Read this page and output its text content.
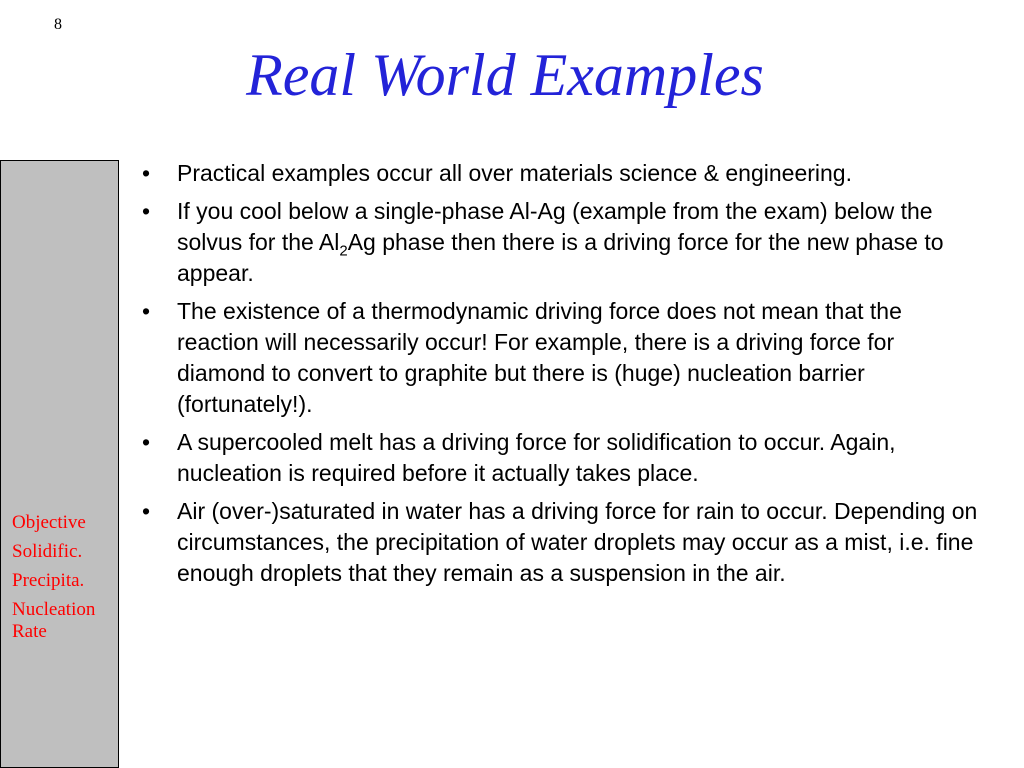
8
Real World Examples
Objective
Solidific.
Precipita.
Nucleation Rate
• Practical examples occur all over materials science & engineering.
• If you cool below a single-phase Al-Ag (example from the exam) below the solvus for the $Al_2Ag$ phase then there is a driving force for the new phase to appear.
• The existence of a thermodynamic driving force does not mean that the reaction will necessarily occur! For example, there is a driving force for diamond to convert to graphite but there is (huge) nucleation barrier (fortunately!).
• A supercooled melt has a driving force for solidification to occur. Again, nucleation is required before it actually takes place.
• Air (over-)saturated in water has a driving force for rain to occur. Depending on circumstances, the precipitation of water droplets may occur as a mist, i.e. fine enough droplets that they remain as a suspension in the air.
